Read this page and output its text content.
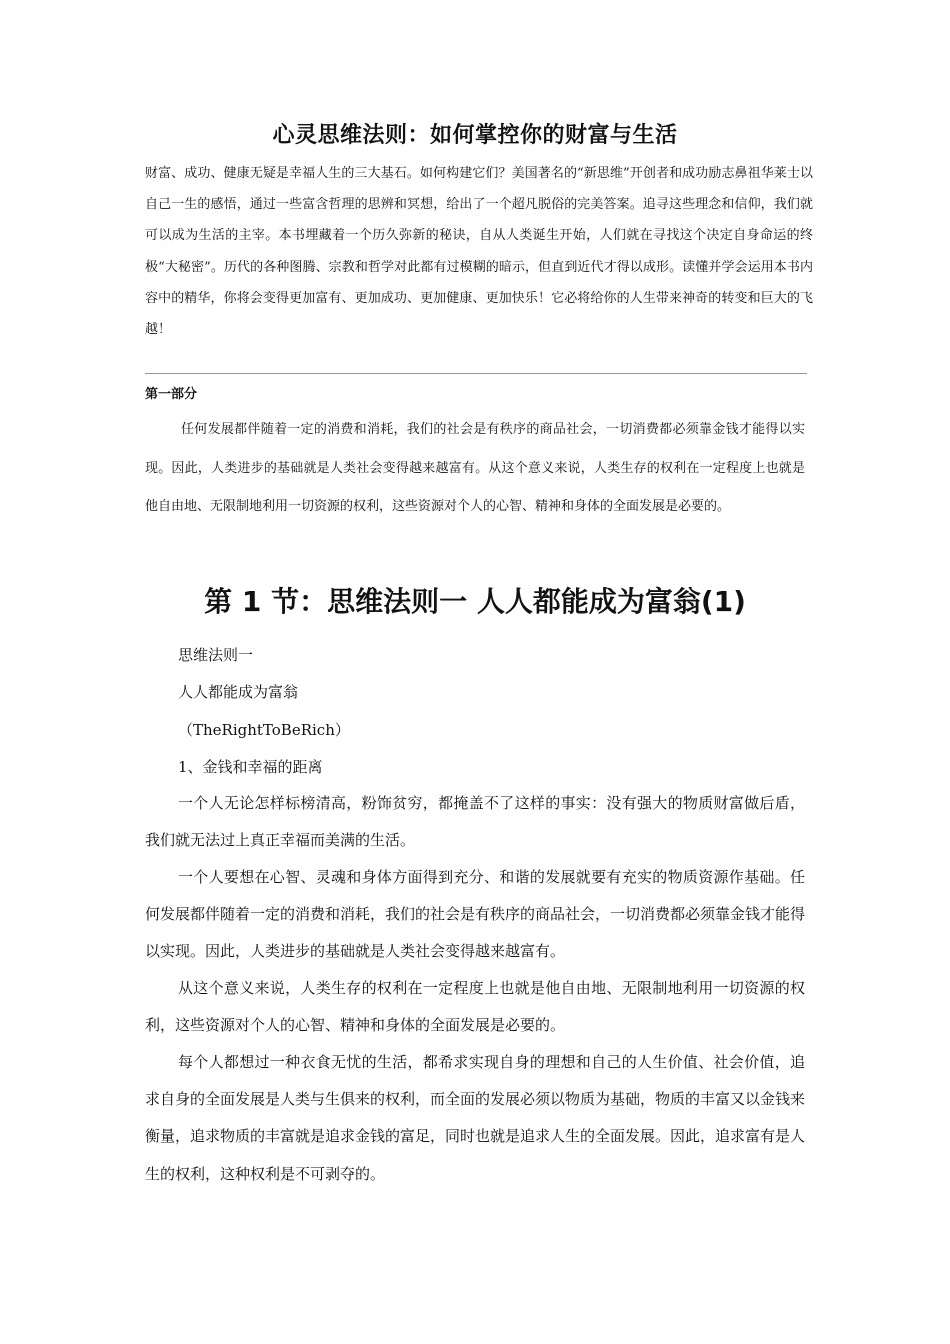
心灵思维法则：如何掌控你的财富与生活
财富、成功、健康无疑是幸福人生的三大基石。如何构建它们？美国著名的“新思维”开创者和成功励志鼻祖华莱士以自己一生的感悟，通过一些富含哲理的思辨和冥想，给出了一个超凡脱俗的完美答案。追寻这些理念和信仰，我们就可以成为生活的主宰。本书埋藏着一个历久弥新的秘诀，自从人类诞生开始，人们就在寻找这个决定自身命运的终极“大秘密”。历代的各种图腾、宗教和哲学对此都有过模糊的暗示，但直到近代才得以成形。读懂并学会运用本书内容中的精华，你将会变得更加富有、更加成功、更加健康、更加快乐！它必将给你的人生带来神奇的转变和巨大的飞越！
第一部分
任何发展都伴随着一定的消费和消耗，我们的社会是有秩序的商品社会，一切消费都必须靠金钱才能得以实现。因此，人类进步的基础就是人类社会变得越来越富有。从这个意义来说，人类生存的权利在一定程度上也就是他自由地、无限制地利用一切资源的权利，这些资源对个人的心智、精神和身体的全面发展是必要的。
第 1 节：思维法则一 人人都能成为富翁(1)
思维法则一
人人都能成为富翁
（TheRightToBeRich）
1、金钱和幸福的距离
一个人无论怎样标榜清高，粉饰贫穷，都掩盖不了这样的事实：没有强大的物质财富做后盾，我们就无法过上真正幸福而美满的生活。
一个人要想在心智、灵魂和身体方面得到充分、和谐的发展就要有充实的物质资源作基础。任何发展都伴随着一定的消费和消耗，我们的社会是有秩序的商品社会，一切消费都必须靠金钱才能得以实现。因此，人类进步的基础就是人类社会变得越来越富有。
从这个意义来说，人类生存的权利在一定程度上也就是他自由地、无限制地利用一切资源的权利，这些资源对个人的心智、精神和身体的全面发展是必要的。
每个人都想过一种衣食无忧的生活，都希求实现自身的理想和自己的人生价值、社会价值，追求自身的全面发展是人类与生俱来的权利，而全面的发展必须以物质为基础，物质的丰富又以金钱来衡量，追求物质的丰富就是追求金钱的富足，同时也就是追求人生的全面发展。因此，追求富有是人生的权利，这种权利是不可剥夺的。
